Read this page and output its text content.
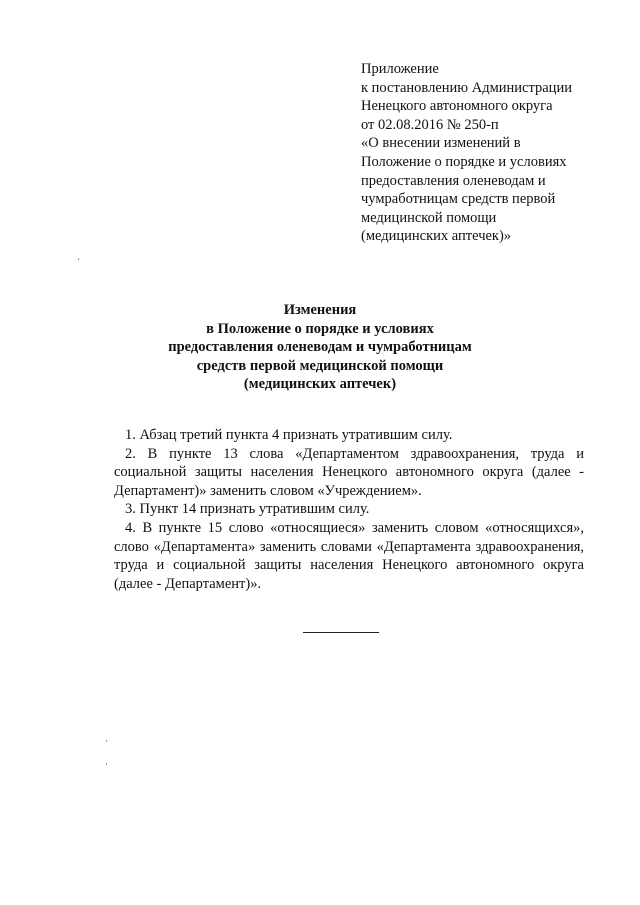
Приложение
к постановлению Администрации
Ненецкого автономного округа
от 02.08.2016 № 250-п
«О внесении изменений в
Положение о порядке и условиях
предоставления оленеводам и
чумработницам средств первой
медицинской помощи
(медицинских аптечек)»
Изменения
в Положение о порядке и условиях
предоставления оленеводам и чумработницам
средств первой медицинской помощи
(медицинских аптечек)

1. Абзац третий пункта 4 признать утратившим силу.

2. В пункте 13 слова «Департаментом здравоохранения, труда и социальной защиты населения Ненецкого автономного округа (далее - Департамент)» заменить словом «Учреждением».

3. Пункт 14 признать утратившим силу.

4. В пункте 15 слово «относящиеся» заменить словом «относящихся», слово «Департамента» заменить словами «Департамента здравоохранения, труда и социальной защиты населения Ненецкого автономного округа (далее - Департамент)».
